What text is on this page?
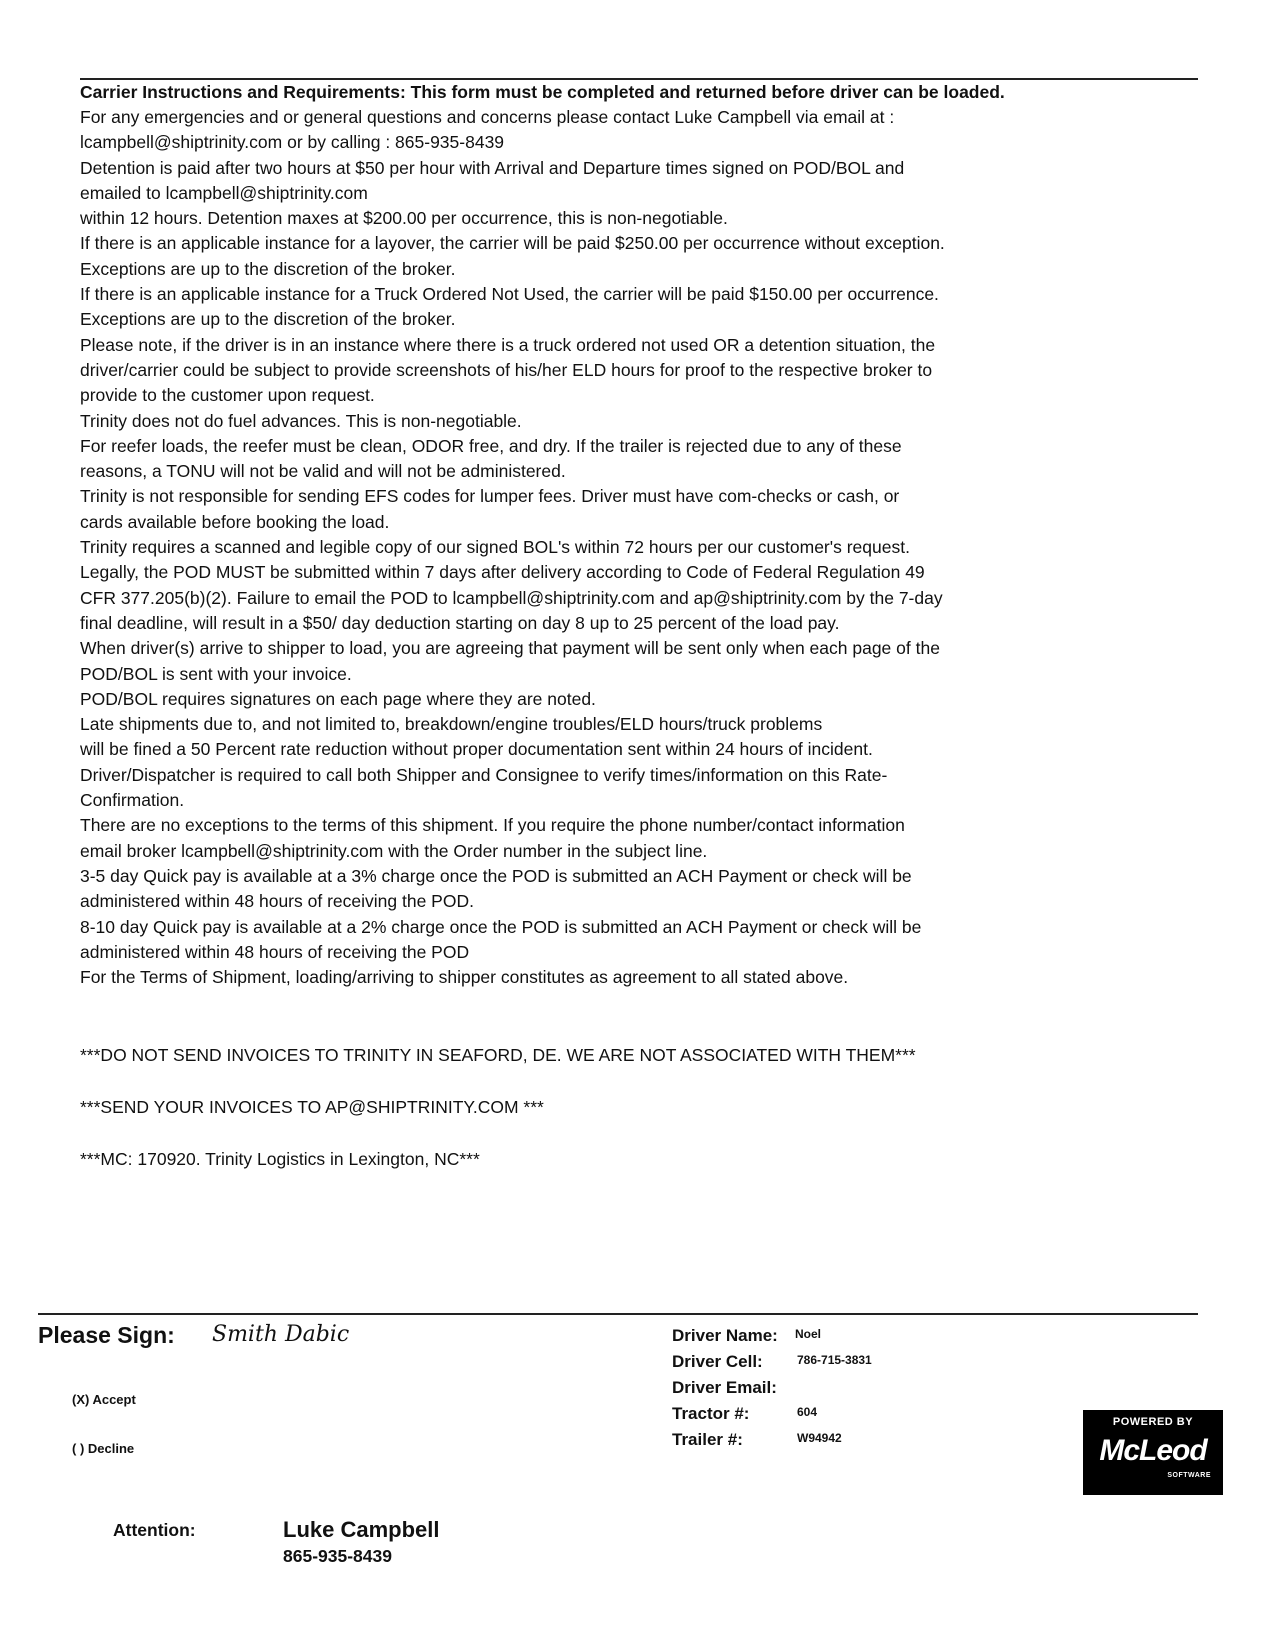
Carrier Instructions and Requirements: This form must be completed and returned before driver can be loaded.
For any emergencies and or general questions and concerns please contact Luke Campbell via email at :
lcampbell@shiptrinity.com or by calling : 865-935-8439
Detention is paid after two hours at $50 per hour with Arrival and Departure times signed on POD/BOL and
emailed to lcampbell@shiptrinity.com
within 12 hours. Detention maxes at $200.00 per occurrence, this is non-negotiable.
If there is an applicable instance for a layover, the carrier will be paid $250.00 per occurrence without exception.
Exceptions are up to the discretion of the broker.
If there is an applicable instance for a Truck Ordered Not Used, the carrier will be paid $150.00 per occurrence.
Exceptions are up to the discretion of the broker.
Please note, if the driver is in an instance where there is a truck ordered not used OR a detention situation, the
driver/carrier could be subject to provide screenshots of his/her ELD hours for proof to the respective broker to
provide to the customer upon request.
Trinity does not do fuel advances. This is non-negotiable.
For reefer loads, the reefer must be clean, ODOR free, and dry. If the trailer is rejected due to any of these
reasons, a TONU will not be valid and will not be administered.
Trinity is not responsible for sending EFS codes for lumper fees. Driver must have com-checks or cash, or
cards available before booking the load.
Trinity requires a scanned and legible copy of our signed BOL's within 72 hours per our customer's request.
Legally, the POD MUST be submitted within 7 days after delivery according to Code of Federal Regulation 49
CFR 377.205(b)(2). Failure to email the POD to lcampbell@shiptrinity.com and ap@shiptrinity.com by the 7-day
final deadline, will result in a $50/ day deduction starting on day 8 up to 25 percent of the load pay.
When driver(s) arrive to shipper to load, you are agreeing that payment will be sent only when each page of the
POD/BOL is sent with your invoice.
POD/BOL requires signatures on each page where they are noted.
Late shipments due to, and not limited to, breakdown/engine troubles/ELD hours/truck problems
will be fined a 50 Percent rate reduction without proper documentation sent within 24 hours of incident.
Driver/Dispatcher is required to call both Shipper and Consignee to verify times/information on this Rate-
Confirmation.
There are no exceptions to the terms of this shipment. If you require the phone number/contact information
email broker lcampbell@shiptrinity.com with the Order number in the subject line.
3-5 day Quick pay is available at a 3% charge once the POD is submitted an ACH Payment or check will be
administered within 48 hours of receiving the POD.
8-10 day Quick pay is available at a 2% charge once the POD is submitted an ACH Payment or check will be
administered within 48 hours of receiving the POD
For the Terms of Shipment, loading/arriving to shipper constitutes as agreement to all stated above.
***DO NOT SEND INVOICES TO TRINITY IN SEAFORD, DE. WE ARE NOT ASSOCIATED WITH THEM***
***SEND YOUR INVOICES TO AP@SHIPTRINITY.COM ***
***MC: 170920. Trinity Logistics in Lexington, NC***
Please Sign: Smith Dabic
(X) Accept
( ) Decline
Driver Name: Noel
Driver Cell:	786-715-3831
Driver Email:
Tractor #:	604
Trailer #:	W94942
POWERED BY
McLeod
SOFTWARE
Attention:	Luke Campbell
865-935-8439
